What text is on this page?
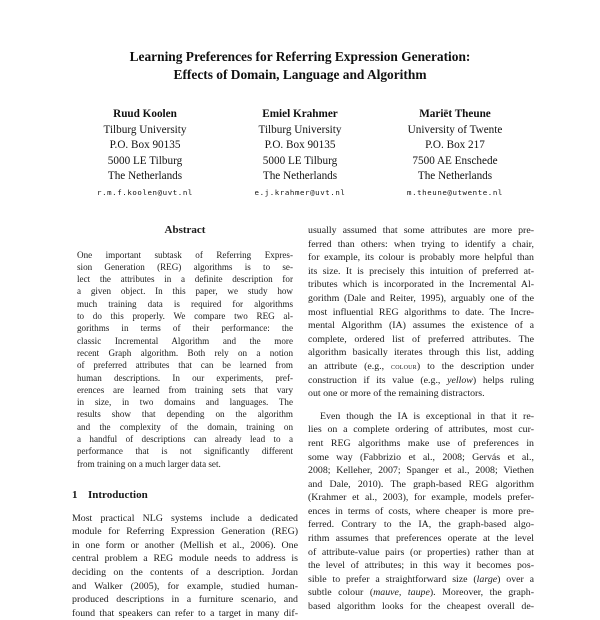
Learning Preferences for Referring Expression Generation:
Effects of Domain, Language and Algorithm
Ruud Koolen
Tilburg University
P.O. Box 90135
5000 LE Tilburg
The Netherlands
r.m.f.koolen@uvt.nl
Emiel Krahmer
Tilburg University
P.O. Box 90135
5000 LE Tilburg
The Netherlands
e.j.krahmer@uvt.nl
Mariët Theune
University of Twente
P.O. Box 217
7500 AE Enschede
The Netherlands
m.theune@utwente.nl
Abstract
One important subtask of Referring Expres-
sion Generation (REG) algorithms is to se-
lect the attributes in a definite description for
a given object. In this paper, we study how
much training data is required for algorithms
to do this properly. We compare two REG al-
gorithms in terms of their performance: the
classic Incremental Algorithm and the more
recent Graph algorithm. Both rely on a notion
of preferred attributes that can be learned from
human descriptions. In our experiments, pref-
erences are learned from training sets that vary
in size, in two domains and languages. The
results show that depending on the algorithm
and the complexity of the domain, training on
a handful of descriptions can already lead to a
performance that is not significantly different
from training on a much larger data set.
1 Introduction
Most practical NLG systems include a dedicated
module for Referring Expression Generation (REG)
in one form or another (Mellish et al., 2006). One
central problem a REG module needs to address is
deciding on the contents of a description. Jordan
and Walker (2005), for example, studied human-
produced descriptions in a furniture scenario, and
found that speakers can refer to a target in many dif-
usually assumed that some attributes are more pre-
ferred than others: when trying to identify a chair,
for example, its colour is probably more helpful than
its size. It is precisely this intuition of preferred at-
tributes which is incorporated in the Incremental Al-
gorithm (Dale and Reiter, 1995), arguably one of the
most influential REG algorithms to date. The Incre-
mental Algorithm (IA) assumes the existence of a
complete, ordered list of preferred attributes. The
algorithm basically iterates through this list, adding
an attribute (e.g., colour) to the description under
construction if its value (e.g., yellow) helps ruling
out one or more of the remaining distractors.
Even though the IA is exceptional in that it re-
lies on a complete ordering of attributes, most cur-
rent REG algorithms make use of preferences in
some way (Fabbrizio et al., 2008; Gervás et al.,
2008; Kelleher, 2007; Spanger et al., 2008; Viethen
and Dale, 2010). The graph-based REG algorithm
(Krahmer et al., 2003), for example, models prefer-
ences in terms of costs, where cheaper is more pre-
ferred. Contrary to the IA, the graph-based algo-
rithm assumes that preferences operate at the level
of attribute-value pairs (or properties) rather than at
the level of attributes; in this way it becomes pos-
sible to prefer a straightforward size (large) over a
subtle colour (mauve, taupe). Moreover, the graph-
based algorithm looks for the cheapest overall de-
